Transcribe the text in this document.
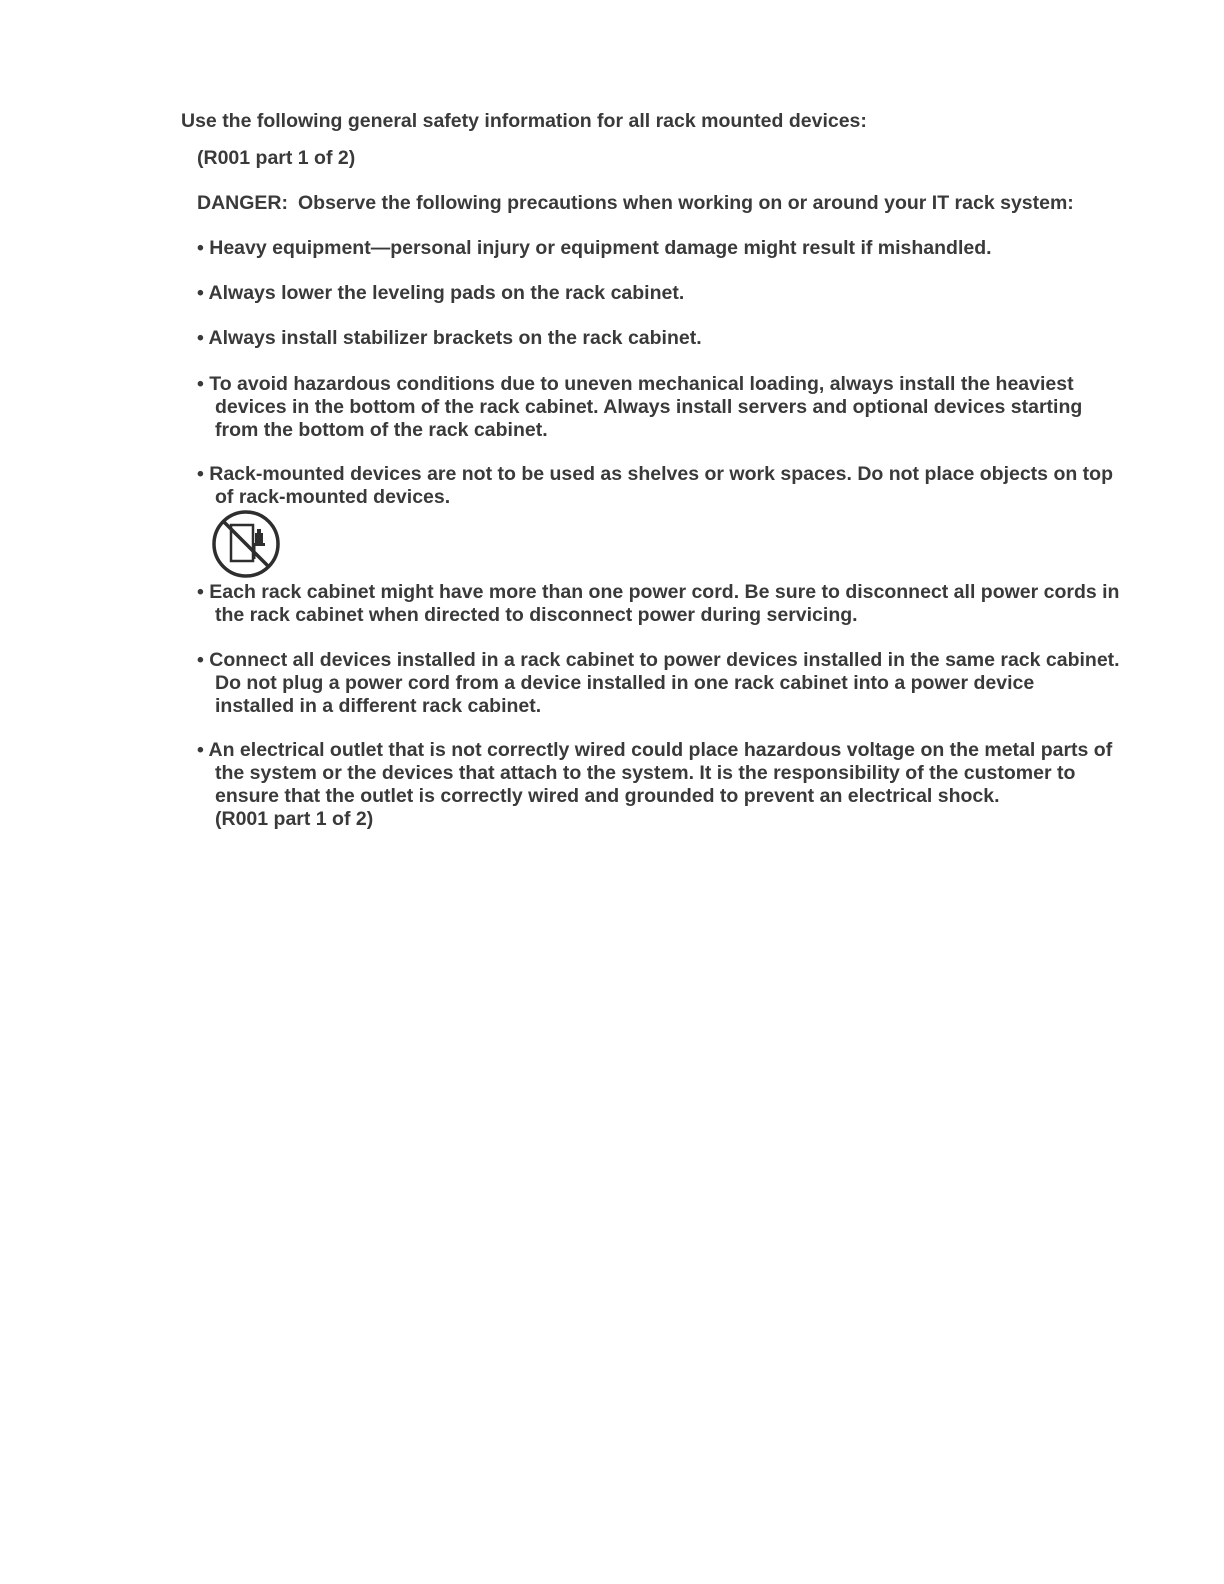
Use the following general safety information for all rack mounted devices:
(R001 part 1 of 2)
DANGER: Observe the following precautions when working on or around your IT rack system:
• Heavy equipment—personal injury or equipment damage might result if mishandled.
• Always lower the leveling pads on the rack cabinet.
• Always install stabilizer brackets on the rack cabinet.
• To avoid hazardous conditions due to uneven mechanical loading, always install the heaviest
devices in the bottom of the rack cabinet. Always install servers and optional devices starting
from the bottom of the rack cabinet.
• Rack-mounted devices are not to be used as shelves or work spaces. Do not place objects on top
of rack-mounted devices.
• Each rack cabinet might have more than one power cord. Be sure to disconnect all power cords in
the rack cabinet when directed to disconnect power during servicing.
• Connect all devices installed in a rack cabinet to power devices installed in the same rack cabinet.
Do not plug a power cord from a device installed in one rack cabinet into a power device
installed in a different rack cabinet.
• An electrical outlet that is not correctly wired could place hazardous voltage on the metal parts of
the system or the devices that attach to the system. It is the responsibility of the customer to
ensure that the outlet is correctly wired and grounded to prevent an electrical shock.
(R001 part 1 of 2)
